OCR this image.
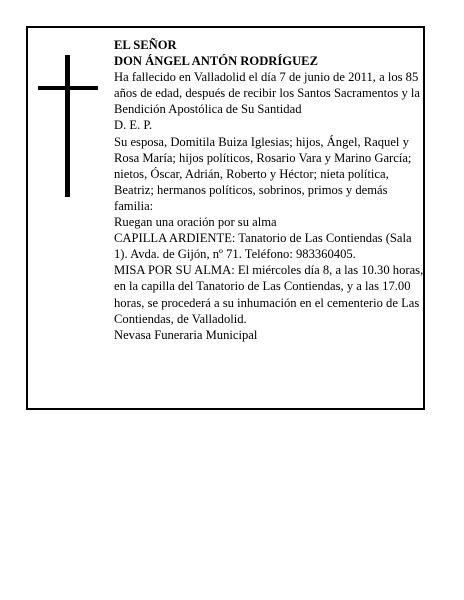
EL SEÑOR

DON ÁNGEL ANTÓN RODRÍGUEZ

Ha fallecido en Valladolid el día 7 de junio de 2011, a los 85 años de edad, después de recibir los Santos Sacramentos y la Bendición Apostólica de Su Santidad

D. E. P.

Su esposa, Domitila Buiza Iglesias; hijos, Ángel, Raquel y Rosa María; hijos políticos, Rosario Vara y Marino García; nietos, Óscar, Adrián, Roberto y Héctor; nieta política, Beatriz; hermanos políticos, sobrinos, primos y demás familia:

Ruegan una oración por su alma

CAPILLA ARDIENTE: Tanatorio de Las Contiendas (Sala 1). Avda. de Gijón, nº 71. Teléfono: 983360405.

MISA POR SU ALMA: El miércoles día 8, a las 10.30 horas, en la capilla del Tanatorio de Las Contiendas, y a las 17.00 horas, se procederá a su inhumación en el cementerio de Las Contiendas, de Valladolid.

Nevasa Funeraria Municipal
